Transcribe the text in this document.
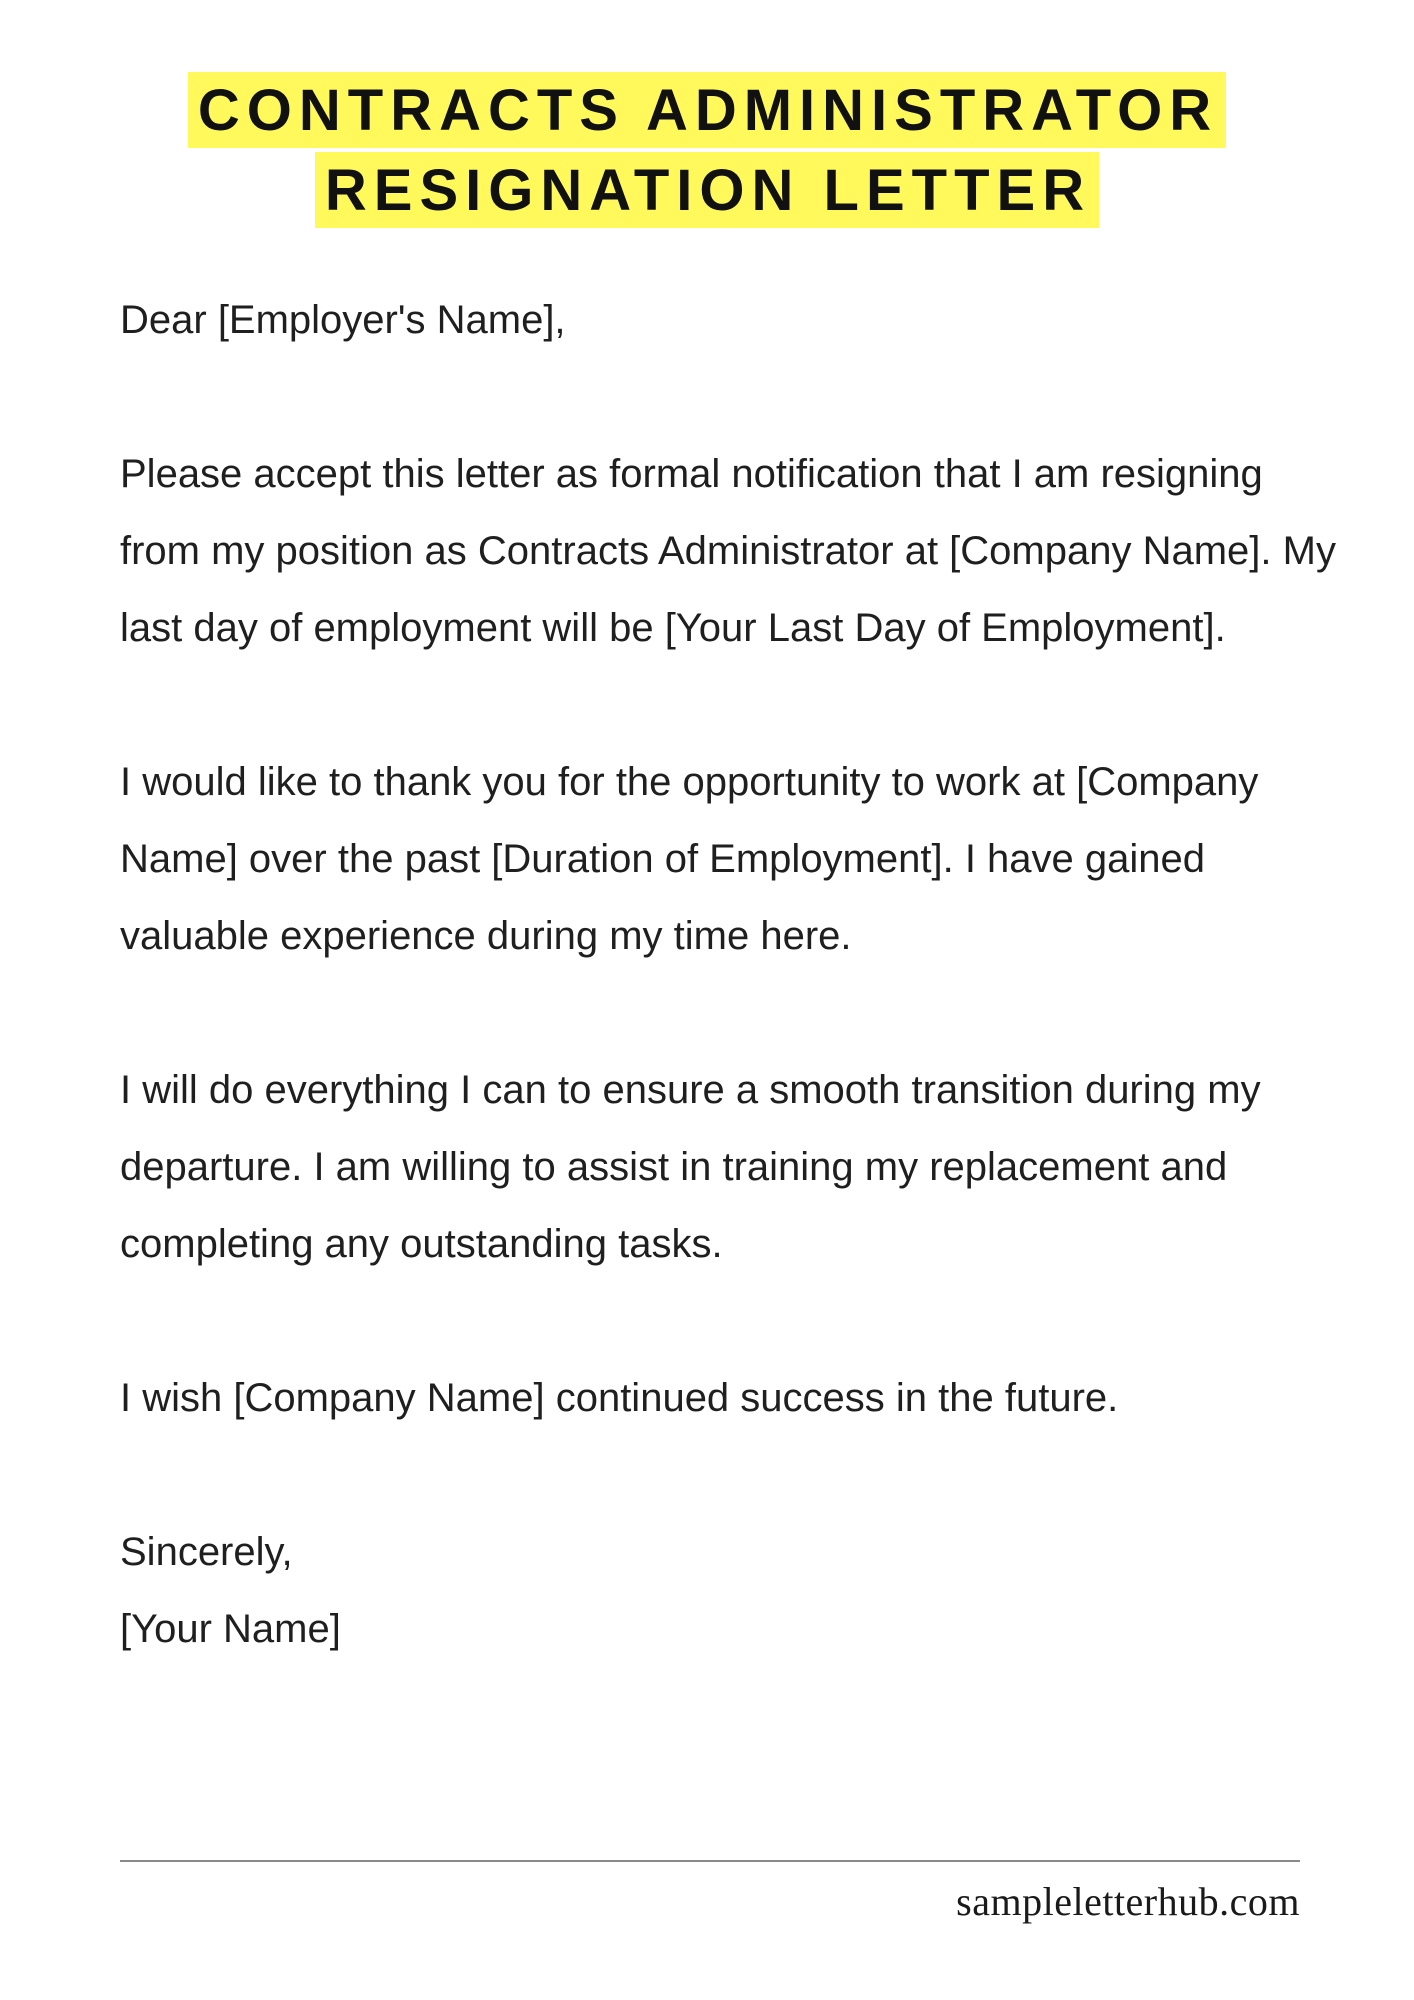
CONTRACTS ADMINISTRATOR
RESIGNATION LETTER

Dear [Employer's Name],

Please accept this letter as formal notification that I am resigning from my position as Contracts Administrator at [Company Name]. My last day of employment will be [Your Last Day of Employment].

I would like to thank you for the opportunity to work at [Company Name] over the past [Duration of Employment]. I have gained valuable experience during my time here.

I will do everything I can to ensure a smooth transition during my departure. I am willing to assist in training my replacement and completing any outstanding tasks.

I wish [Company Name] continued success in the future.

Sincerely,

[Your Name]

sampleletterhub.com
